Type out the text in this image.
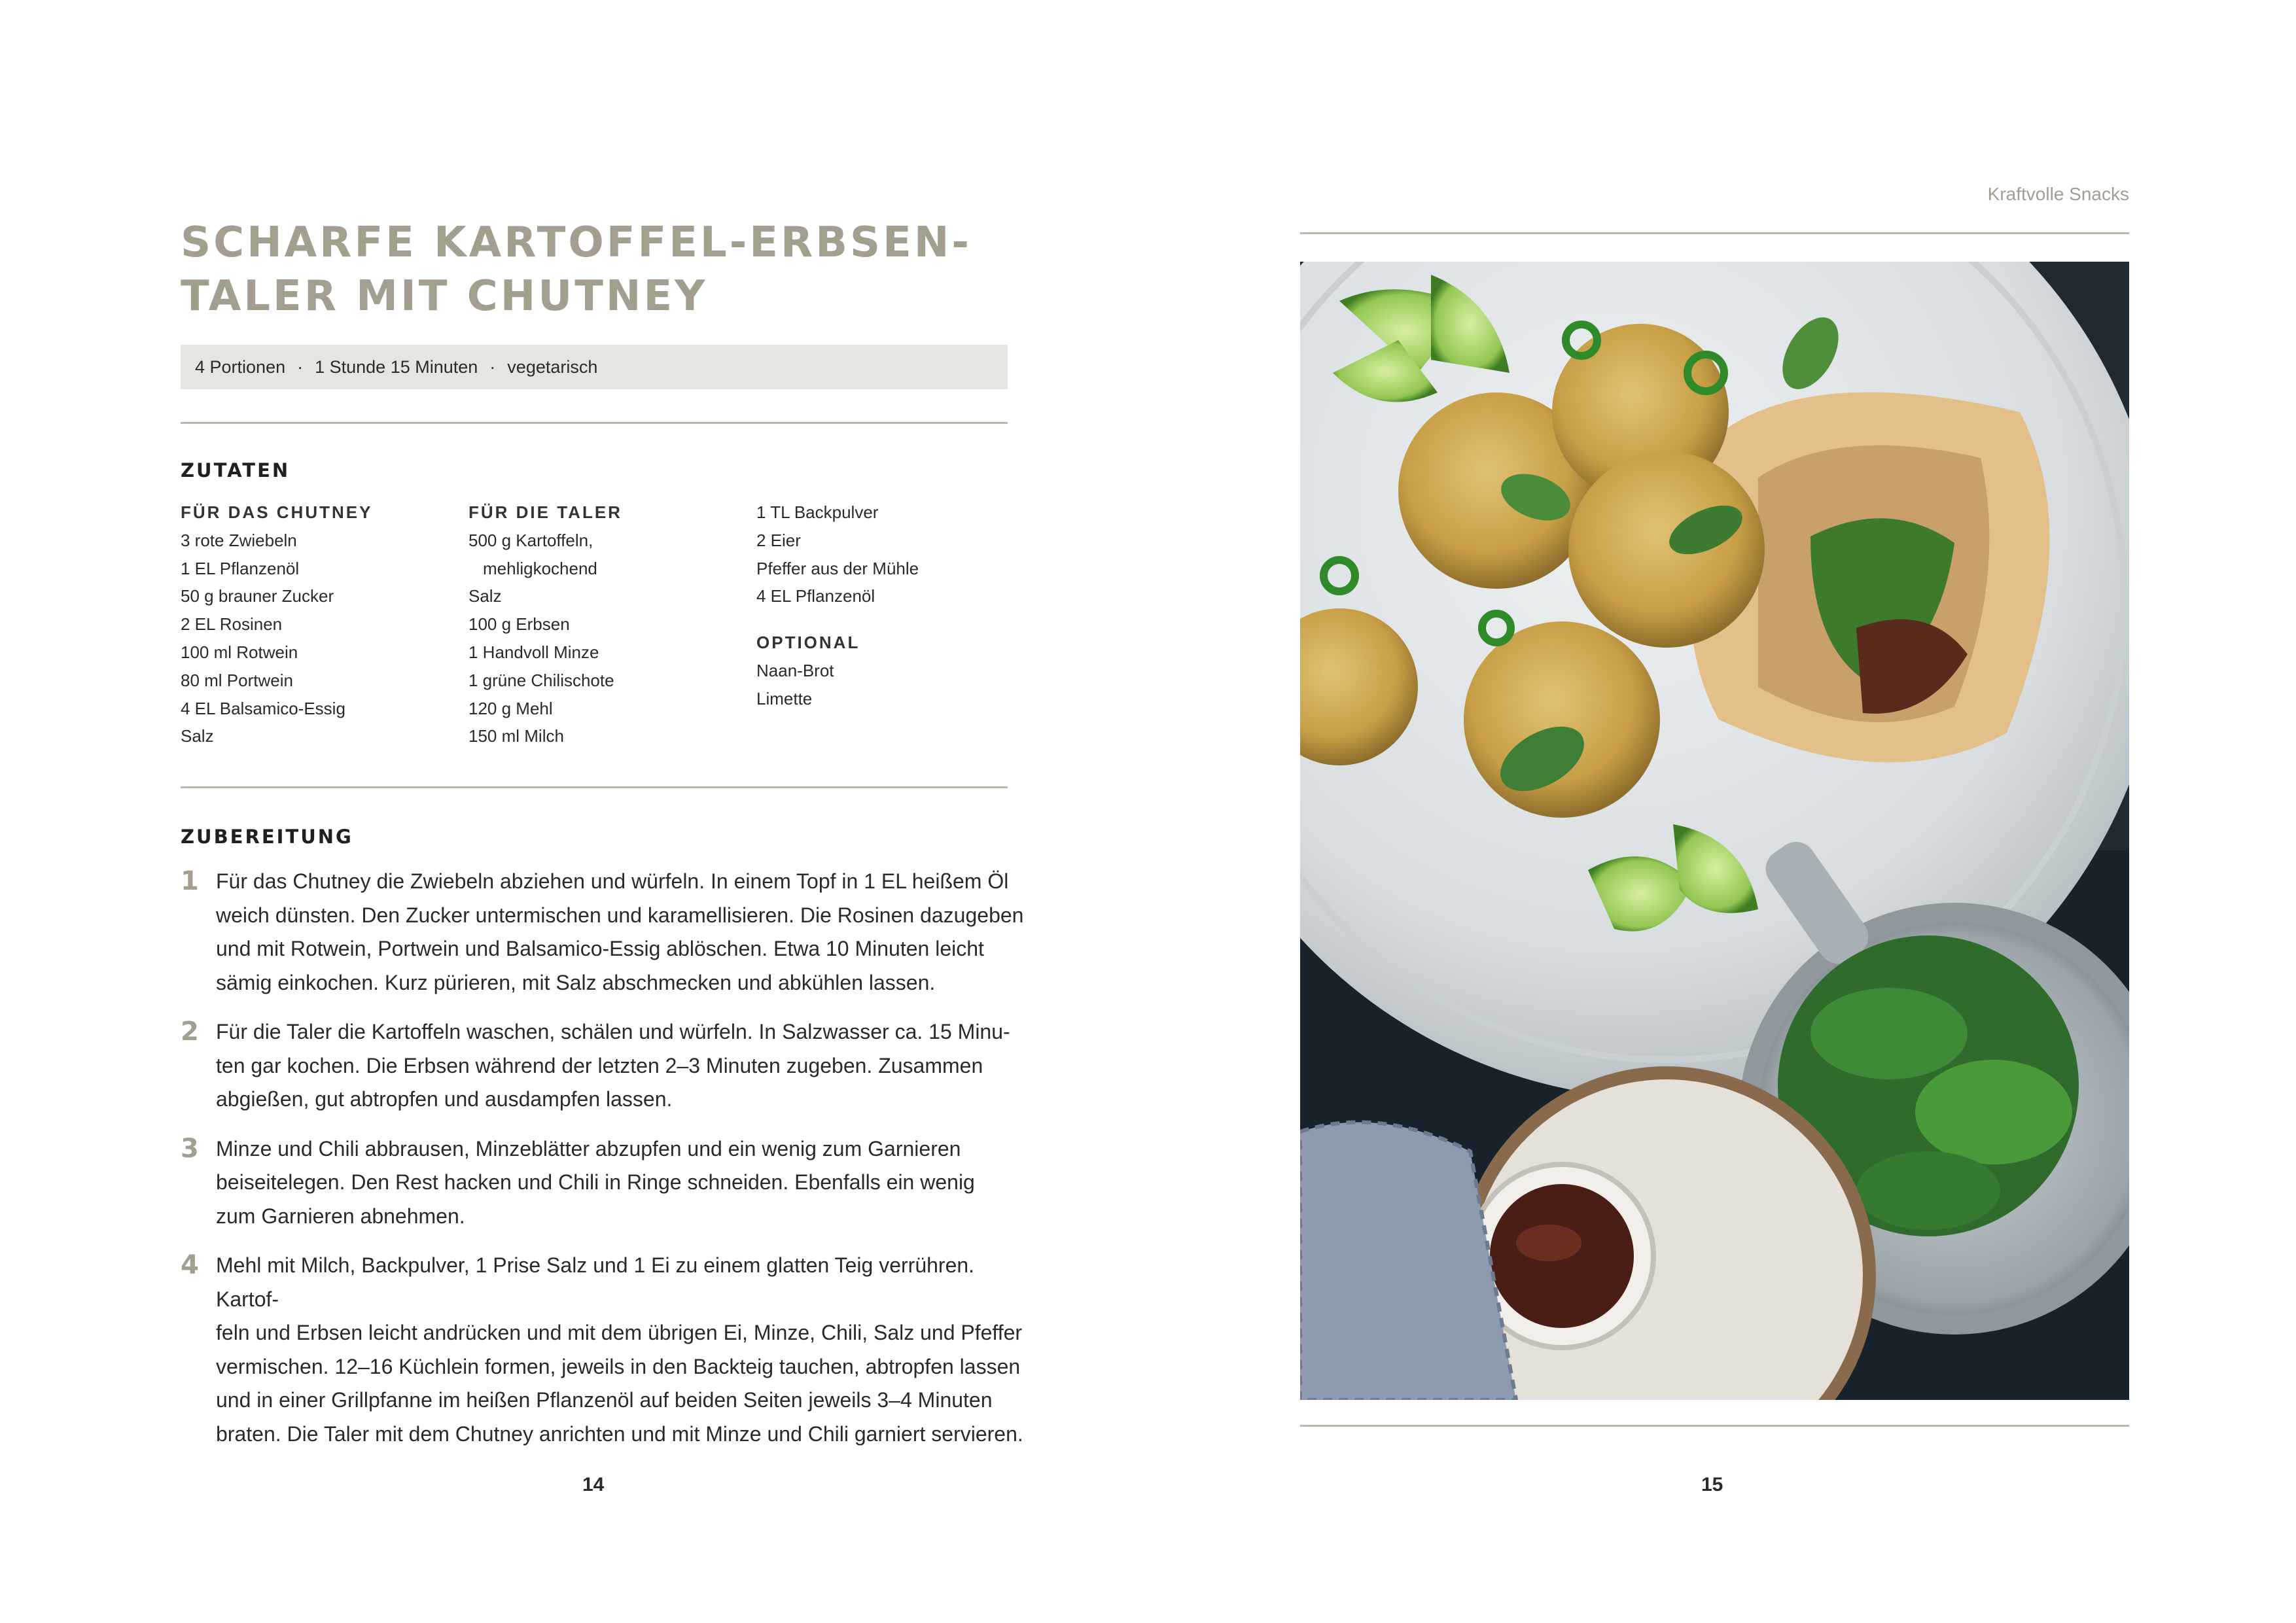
SCHARFE KARTOFFEL-ERBSEN-
TALER MIT CHUTNEY
4 Portionen · 1 Stunde 15 Minuten · vegetarisch
ZUTATEN
FÜR DAS CHUTNEY
3 rote Zwiebeln
1 EL Pflanzenöl
50 g brauner Zucker
2 EL Rosinen
100 ml Rotwein
80 ml Portwein
4 EL Balsamico-Essig
Salz
FÜR DIE TALER
500 g Kartoffeln,
mehligkochend
Salz
100 g Erbsen
1 Handvoll Minze
1 grüne Chilischote
120 g Mehl
150 ml Milch
1 TL Backpulver
2 Eier
Pfeffer aus der Mühle
4 EL Pflanzenöl
OPTIONAL
Naan-Brot
Limette
ZUBEREITUNG
1 Für das Chutney die Zwiebeln abziehen und würfeln. In einem Topf in 1 EL heißem Öl
weich dünsten. Den Zucker untermischen und karamellisieren. Die Rosinen dazugeben
und mit Rotwein, Portwein und Balsamico-Essig ablöschen. Etwa 10 Minuten leicht
sämig einkochen. Kurz pürieren, mit Salz abschmecken und abkühlen lassen.
2 Für die Taler die Kartoffeln waschen, schälen und würfeln. In Salzwasser ca. 15 Minu-
ten gar kochen. Die Erbsen während der letzten 2–3 Minuten zugeben. Zusammen
abgießen, gut abtropfen und ausdampfen lassen.
3 Minze und Chili abbrausen, Minzeblätter abzupfen und ein wenig zum Garnieren
beiseitelegen. Den Rest hacken und Chili in Ringe schneiden. Ebenfalls ein wenig
zum Garnieren abnehmen.
4 Mehl mit Milch, Backpulver, 1 Prise Salz und 1 Ei zu einem glatten Teig verrühren. Kartof-
feln und Erbsen leicht andrücken und mit dem übrigen Ei, Minze, Chili, Salz und Pfeffer
vermischen. 12–16 Küchlein formen, jeweils in den Backteig tauchen, abtropfen lassen
und in einer Grillpfanne im heißen Pflanzenöl auf beiden Seiten jeweils 3–4 Minuten
braten. Die Taler mit dem Chutney anrichten und mit Minze und Chili garniert servieren.
14
Kraftvolle Snacks
15
